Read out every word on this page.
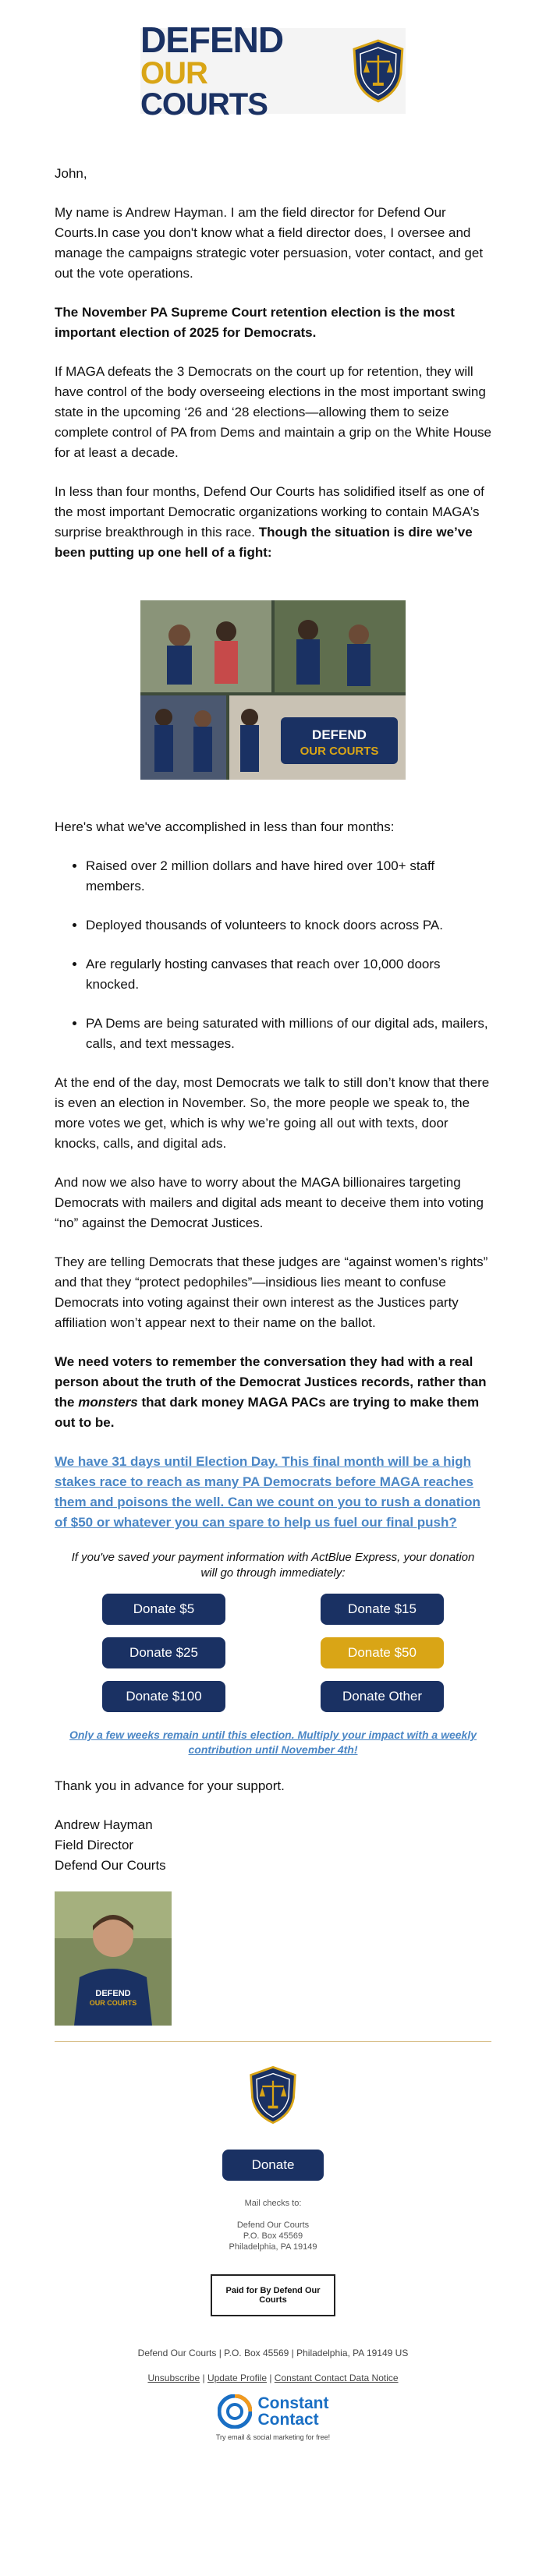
DEFEND
OUR COURTS

John,

My name is Andrew Hayman. I am the field director for Defend Our Courts.In case you don't know what a field director does, I oversee and manage the campaigns strategic voter persuasion, voter contact, and get out the vote operations.

The November PA Supreme Court retention election is the most important election of 2025 for Democrats.

If MAGA defeats the 3 Democrats on the court up for retention, they will have control of the body overseeing elections in the most important swing state in the upcoming ‘26 and ‘28 elections—allowing them to seize complete control of PA from Dems and maintain a grip on the White House for at least a decade.

In less than four months, Defend Our Courts has solidified itself as one of the most important Democratic organizations working to contain MAGA’s surprise breakthrough in this race. Though the situation is dire we’ve been putting up one hell of a fight:

DEFEND
OUR COURTS

Here's what we've accomplished in less than four months:

• Raised over 2 million dollars and have hired over 100+ staff members.
• Deployed thousands of volunteers to knock doors across PA.
• Are regularly hosting canvases that reach over 10,000 doors knocked.
• PA Dems are being saturated with millions of our digital ads, mailers, calls, and text messages.

At the end of the day, most Democrats we talk to still don’t know that there is even an election in November. So, the more people we speak to, the more votes we get, which is why we’re going all out with texts, door knocks, calls, and digital ads.

And now we also have to worry about the MAGA billionaires targeting Democrats with mailers and digital ads meant to deceive them into voting “no” against the Democrat Justices.

They are telling Democrats that these judges are “against women’s rights” and that they “protect pedophiles”—insidious lies meant to confuse Democrats into voting against their own interest as the Justices party affiliation won’t appear next to their name on the ballot.

We need voters to remember the conversation they had with a real person about the truth of the Democrat Justices records, rather than the monsters that dark money MAGA PACs are trying to make them out to be.

We have 31 days until Election Day. This final month will be a high stakes race to reach as many PA Democrats before MAGA reaches them and poisons the well. Can we count on you to rush a donation of $50 or whatever you can spare to help us fuel our final push?

If you've saved your payment information with ActBlue Express, your donation will go through immediately:

Donate $5	Donate $15
Donate $25	Donate $50
Donate $100	Donate Other
Only a few weeks remain until this election. Multiply your impact with a weekly contribution until November 4th!

Thank you in advance for your support.

Andrew Hayman

Field Director

Defend Our Courts

DEFEND
OUR COURTS
Donate

Mail checks to:

Defend Our Courts

P.O. Box 45569

Philadelphia, PA 19149

Paid for By Defend Our Courts

Defend Our Courts | P.O. Box 45569 | Philadelphia, PA 19149 US

Unsubscribe | Update Profile | Constant Contact Data Notice

Constant
Contact

Try email & social marketing for free!
